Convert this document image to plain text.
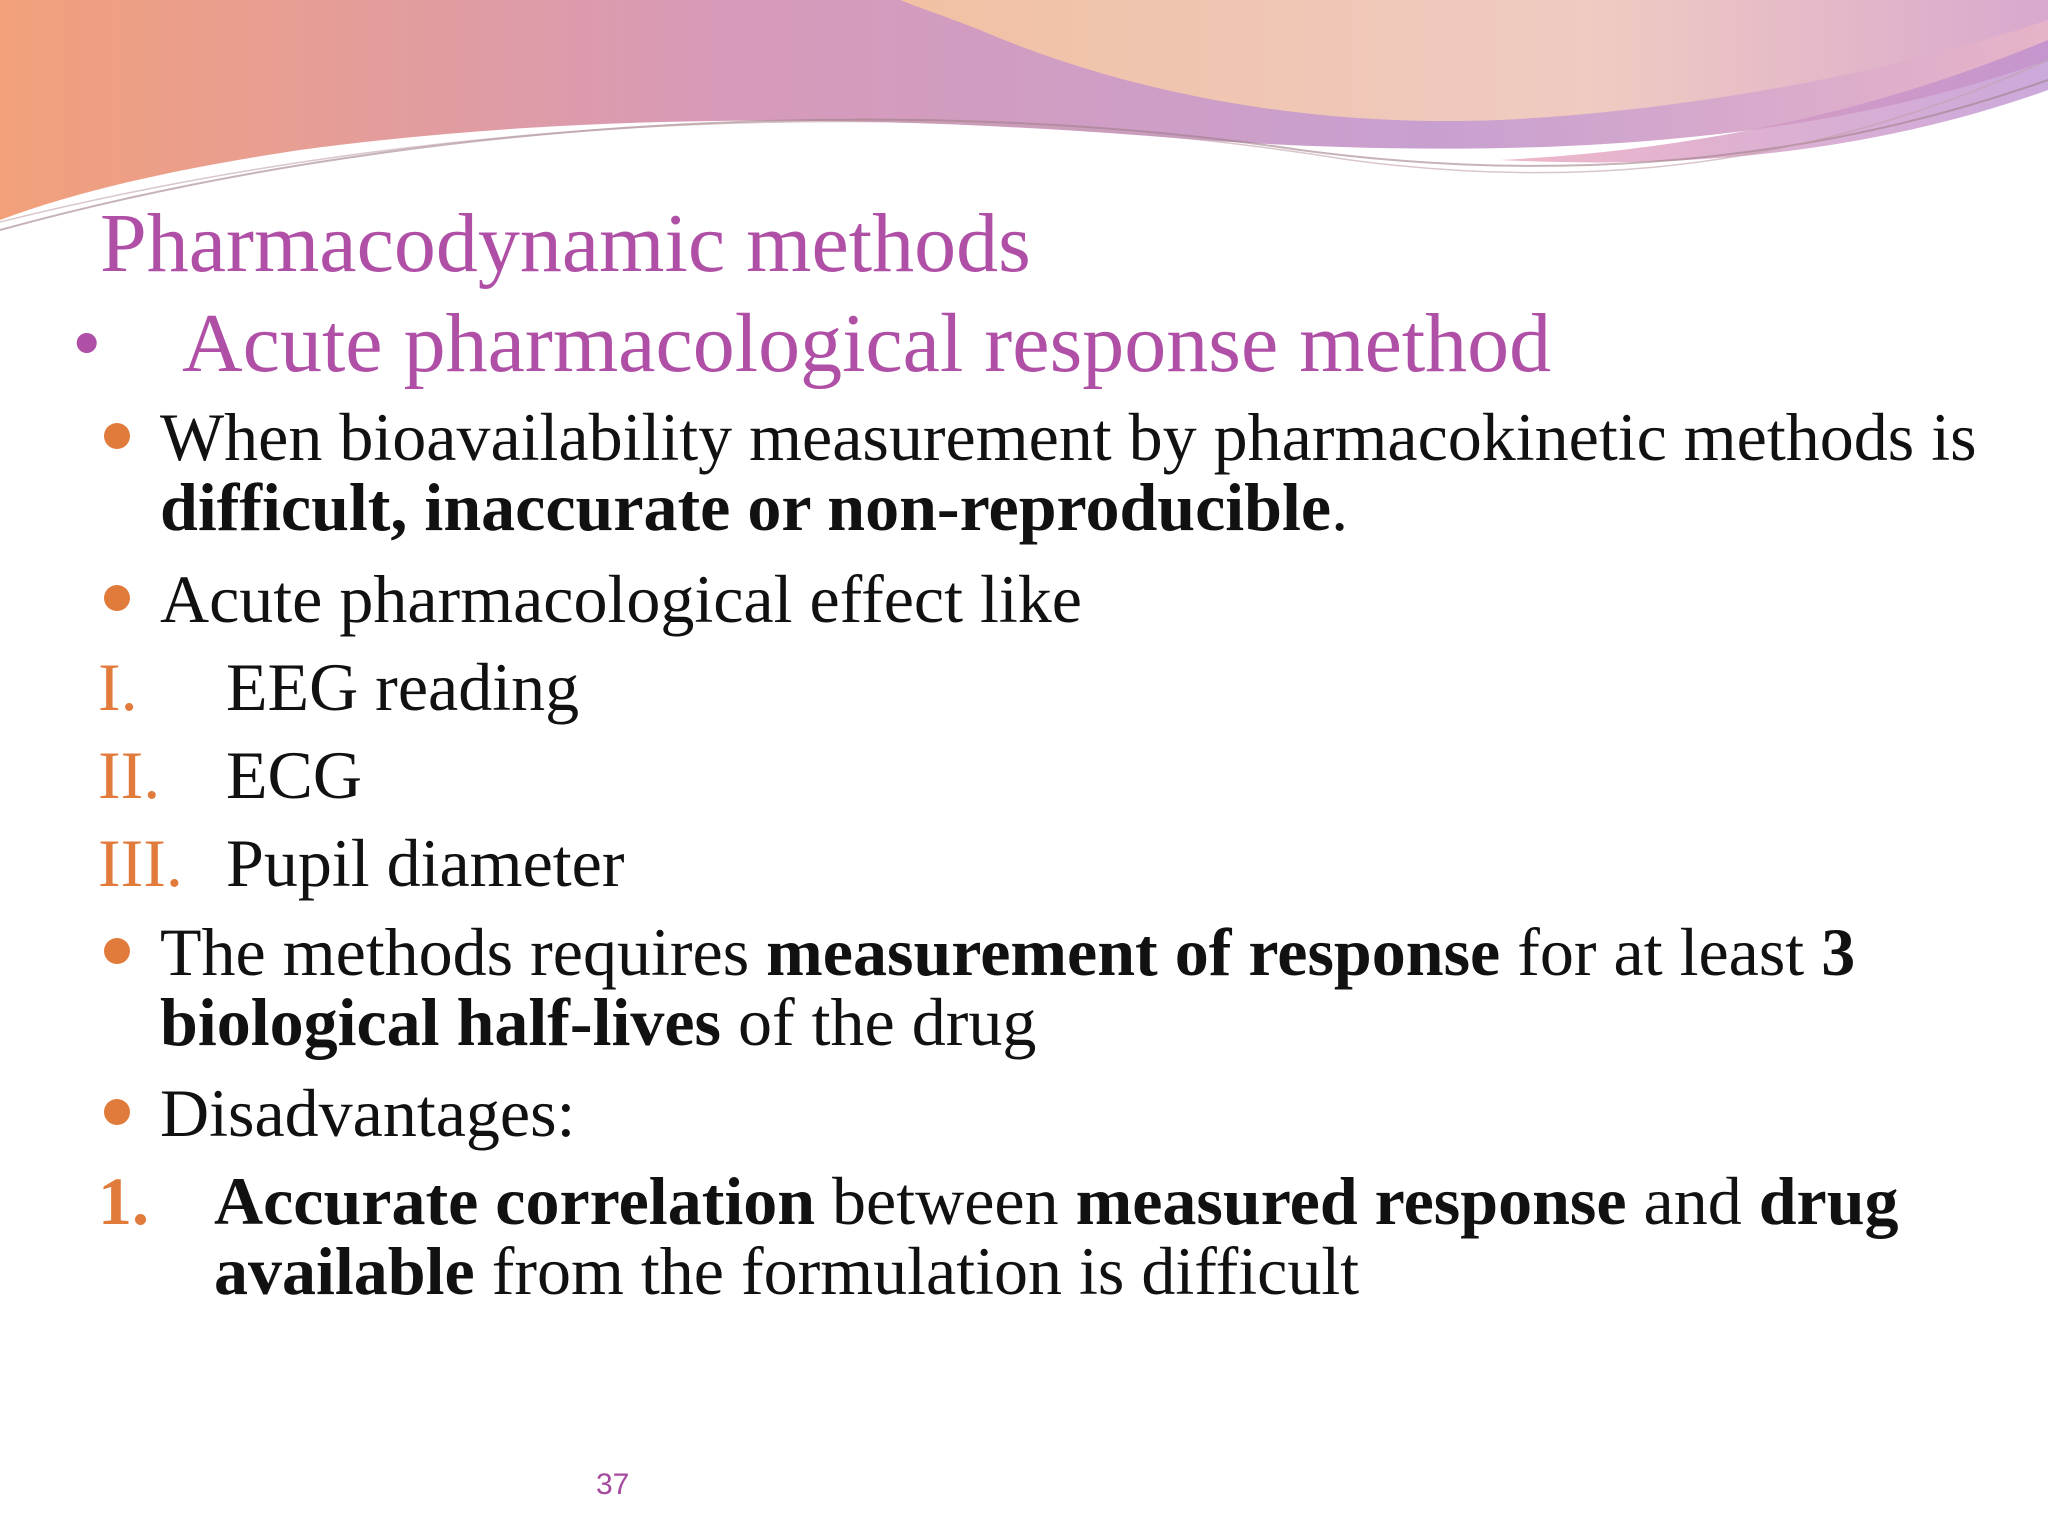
Pharmacodynamic methods
• Acute pharmacological response method
When bioavailability measurement by pharmacokinetic methods is difficult, inaccurate or non-reproducible.
Acute pharmacological effect like
I. EEG reading
II. ECG
III. Pupil diameter
The methods requires measurement of response for at least 3 biological half-lives of the drug
Disadvantages:
1. Accurate correlation between measured response and drug available from the formulation is difficult
37
